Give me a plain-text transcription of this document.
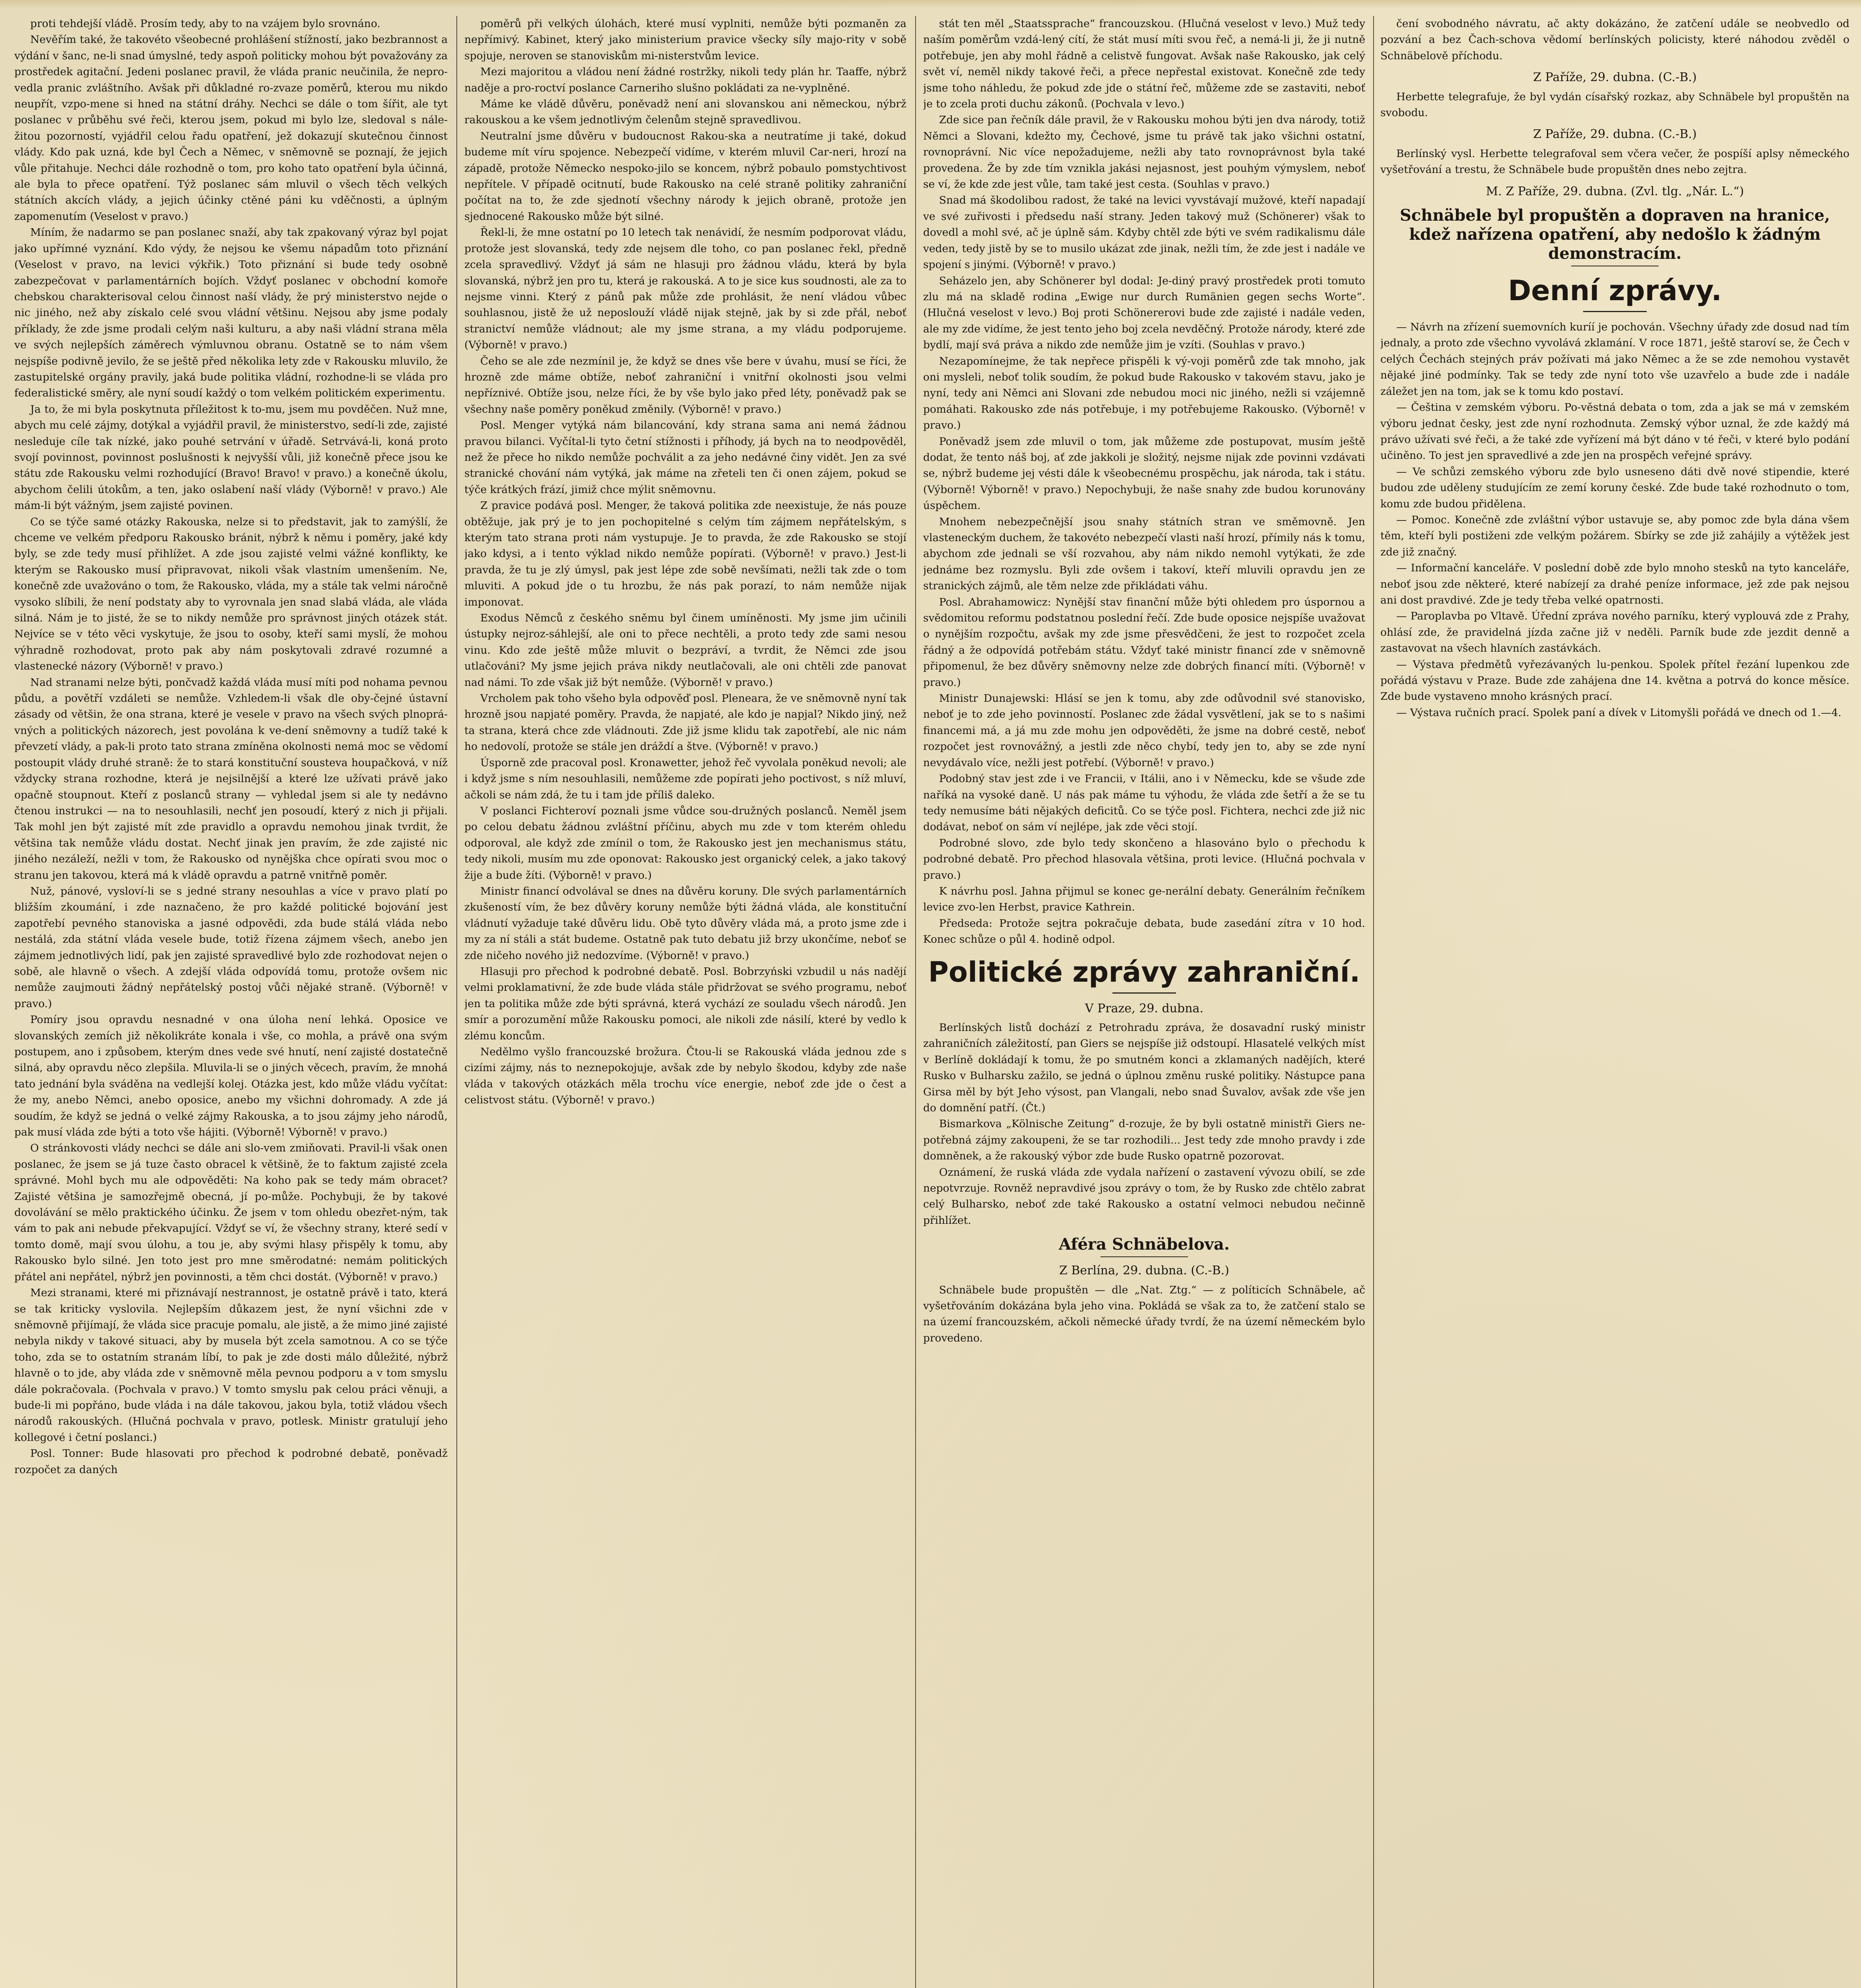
proti tehdejší vládě. Prosím tedy, aby to na vzájem bylo srovnáno.

Nevěřím také, že takovéto všeobecné prohlášení stížností, jako bezbrannost a výdání v šanc, ne-li snad úmyslné, tedy aspoň politicky mohou být považovány za prostředek agitační. Jedeni poslanec pravil, že vláda pranic neučinila, že nepro-vedla pranic zvláštního. Avšak při důkladné ro-zvaze poměrů, kterou mu nikdo neupřít, vzpo-mene si hned na státní dráhy. Nechci se dále o tom šířit, ale tyt poslanec v průběhu své řeči, kterou jsem, pokud mi bylo lze, sledoval s nále-žitou pozorností, vyjádřil celou řadu opatření, jež dokazují skutečnou činnost vlády. Kdo pak uzná, kde byl Čech a Němec, v sněmovně se poznají, že jejich vůle přitahuje. Nechci dále rozhodně o tom, pro koho tato opatření byla účinná, ale byla to přece opatření. Týž poslanec sám mluvil o všech těch velkých státních akcích vlády, a jejich účinky ctěné páni ku vděčnosti, a úplným zapomenutím (Veselost v pravo.)

Míním, že nadarmo se pan poslanec snaží, aby tak zpakovaný výraz byl pojat jako upřímné vyznání. Kdo výdy, že nejsou ke všemu nápadům toto přiznání (Veselost v pravo, na levici výkřik.) Toto přiznání si bude tedy osobně zabezpečovat v parlamentárních bojích. Vždyť poslanec v obchodní komoře chebskou charakterisoval celou činnost naší vlády, že prý ministerstvo nejde o nic jiného, než aby získalo celé svou vládní většinu. Nejsou aby jsme podaly příklady, že zde jsme prodali celým naši kulturu, a aby naši vládní strana měla ve svých nejlepších záměrech výmluvnou obranu. Ostatně se to nám všem nejspíše podivně jevilo, že se ještě před několika lety zde v Rakousku mluvilo, že zastupitelské orgány pravily, jaká bude politika vládní, rozhodne-li se vláda pro federalistické směry, ale nyní soudí každý o tom velkém politickém experimentu.

Ja to, že mi byla poskytnuta příležitost k to-mu, jsem mu povděčen. Nuž mne, abych mu celé zájmy, dotýkal a vyjádřil pravil, že ministerstvo, sedí-li zde, zajisté nesleduje cíle tak nízké, jako pouhé setrvání v úřadě. Setrvává-li, koná proto svojí povinnost, povinnost poslušnosti k nejvyšší vůli, již konečně přece jsou ke státu zde Rakousku velmi rozhodující (Bravo! Bravo! v pravo.) a konečně úkolu, abychom čelili útokům, a ten, jako oslabení naší vlády (Výborně! v pravo.) Ale mám-li být vážným, jsem zajisté povinen.

Co se týče samé otázky Rakouska, nelze si to představit, jak to zamýšlí, že chceme ve velkém předporu Rakousko bránit, nýbrž k němu i poměry, jaké kdy byly, se zde tedy musí přihlížet. A zde jsou zajisté velmi vážné konflikty, ke kterým se Rakousko musí připravovat, nikoli však vlastním umenšením. Ne, konečně zde uvažováno o tom, že Rakousko, vláda, my a stále tak velmi náročně vysoko slíbili, že není podstaty aby to vyrovnala jen snad slabá vláda, ale vláda silná. Nám je to jisté, že se to nikdy nemůže pro správnost jiných otázek stát. Nejvíce se v této věci vyskytuje, že jsou to osoby, kteří sami myslí, že mohou výhradně rozhodovat, proto pak aby nám poskytovali zdravé rozumné a vlastenecké názory (Výborně! v pravo.)

Nad stranami nelze býti, pončvadž každá vláda musí míti pod nohama pevnou půdu, a povětří vzdáleti se nemůže. Vzhledem-li však dle oby-čejné ústavní zásady od většin, že ona strana, které je vesele v pravo na všech svých plnoprá-vných a politických názorech, jest povolána k ve-dení sněmovny a tudíž také k převzetí vlády, a pak-li proto tato strana zmíněna okolnosti nemá moc se vědomí postoupit vlády druhé straně: že to stará konstituční sousteva houpačková, v níž vždycky strana rozhodne, která je nejsilnější a které lze užívati právě jako opačně stoupnout. Kteří z poslanců strany — vyhledal jsem si ale ty nedávno čtenou instrukci — na to nesouhlasili, nechť jen posoudí, který z nich ji přijali. Tak mohl jen být zajisté mít zde pravidlo a opravdu nemohou jinak tvrdit, že většina tak nemůže vládu dostat. Nechť jinak jen pravím, že zde zajisté nic jiného nezáleží, nežli v tom, že Rakousko od nynějška chce opírati svou moc o stranu jen takovou, která má k vládě opravdu a patrně vnitřně poměr.

Nuž, pánové, vysloví-li se s jedné strany nesouhlas a více v pravo platí po bližším zkoumání, i zde naznačeno, že pro každé politické bojování jest zapotřebí pevného stanoviska a jasné odpovědi, zda bude stálá vláda nebo nestálá, zda státní vláda vesele bude, totiž řízena zájmem všech, anebo jen zájmem jednotlivých lidí, pak jen zajisté spravedlivé bylo zde rozhodovat nejen o sobě, ale hlavně o všech. A zdejší vláda odpovídá tomu, protože ovšem nic nemůže zaujmouti žádný nepřátelský postoj vůči nějaké straně. (Výborně! v pravo.)

Pomíry jsou opravdu nesnadné v ona úloha není lehká. Oposice ve slovanských zemích již několikráte konala i vše, co mohla, a právě ona svým postupem, ano i způsobem, kterým dnes vede své hnutí, není zajisté dostatečně silná, aby opravdu něco zlepšila. Mluvila-li se o jiných věcech, pravím, že mnohá tato jednání byla sváděna na vedlejší kolej. Otázka jest, kdo může vládu vyčítat: že my, anebo Němci, anebo oposice, anebo my všichni dohromady. A zde já soudím, že když se jedná o velké zájmy Rakouska, a to jsou zájmy jeho národů, pak musí vláda zde býti a toto vše hájiti. (Výborně! Výborně! v pravo.)

O stránkovosti vlády nechci se dále ani slo-vem zmiňovati. Pravil-li však onen poslanec, že jsem se já tuze často obracel k většině, že to faktum zajisté zcela správné. Mohl bych mu ale odpověděti: Na koho pak se tedy mám obracet? Zajisté většina je samozřejmě obecná, jí po-může. Pochybuji, že by takové dovolávání se mělo praktického účinku. Že jsem v tom ohledu obezřet-ným, tak vám to pak ani nebude překvapující. Vždyť se ví, že všechny strany, které sedí v tomto domě, mají svou úlohu, a tou je, aby svými hlasy přispěly k tomu, aby Rakousko bylo silné. Jen toto jest pro mne směrodatné: nemám politických přátel ani nepřátel, nýbrž jen povinnosti, a těm chci dostát. (Výborně! v pravo.)

Mezi stranami, které mi přiznávají nestrannost, je ostatně právě i tato, která se tak kriticky vyslovila. Nejlepším důkazem jest, že nyní všichni zde v sněmovně přijímají, že vláda sice pracuje pomalu, ale jistě, a že mimo jiné zajisté nebyla nikdy v takové situaci, aby by musela být zcela samotnou. A co se týče toho, zda se to ostatním stranám líbí, to pak je zde dosti málo důležité, nýbrž hlavně o to jde, aby vláda zde v sněmovně měla pevnou podporu a v tom smyslu dále pokračovala. (Pochvala v pravo.) V tomto smyslu pak celou práci věnuji, a bude-li mi popřáno, bude vláda i na dále takovou, jakou byla, totiž vládou všech národů rakouských. (Hlučná pochvala v pravo, potlesk. Ministr gratulují jeho kollegové i četní poslanci.)

Posl. Tonner: Bude hlasovati pro přechod k podrobné debatě, poněvadž rozpočet za daných

poměrů při velkých úlohách, které musí vyplniti, nemůže býti pozmaněn za nepřímivý. Kabinet, který jako ministerium pravice všecky síly majo-rity v sobě spojuje, neroven se stanoviskům mi-nisterstvům levice.

Mezi majoritou a vládou není žádné rostržky, nikoli tedy plán hr. Taaffe, nýbrž naděje a pro-roctví poslance Carneriho slušno pokládati za ne-vyplněné.

Máme ke vládě důvěru, poněvadž není ani slovanskou ani německou, nýbrž rakouskou a ke všem jednotlivým čelenům stejně spravedlivou.

Neutralní jsme důvěru v budoucnost Rakou-ska a neutratíme ji také, dokud budeme mít víru spojence. Nebezpečí vidíme, v kterém mluvil Car-neri, hrozí na západě, protože Německo nespoko-jilo se koncem, nýbrž pobaulo pomstychtivost nepřítele. V případě ocitnutí, bude Rakousko na celé straně politiky zahraniční počítat na to, že zde sjednotí všechny národy k jejich obraně, protože jen sjednocené Rakousko může být silné.

Řekl-li, že mne ostatní po 10 letech tak nenávidí, že nesmím podporovat vládu, protože jest slovanská, tedy zde nejsem dle toho, co pan poslanec řekl, předně zcela spravedlivý. Vždyť já sám ne hlasuji pro žádnou vládu, která by byla slovanská, nýbrž jen pro tu, která je rakouská. A to je sice kus soudnosti, ale za to nejsme vinni. Který z pánů pak může zde prohlásit, že není vládou vůbec souhlasnou, jistě že už neposlouží vládě nijak stejně, jak by si zde přál, neboť stranictví nemůže vládnout; ale my jsme strana, a my vládu podporujeme. (Výborně! v pravo.)

Čeho se ale zde nezmínil je, že když se dnes vše bere v úvahu, musí se říci, že hrozně zde máme obtíže, neboť zahraniční i vnitřní okolnosti jsou velmi nepříznivé. Obtíže jsou, nelze říci, že by vše bylo jako před léty, poněvadž pak se všechny naše poměry poněkud změnily. (Výborně! v pravo.)

Posl. Menger vytýká nám bilancování, kdy strana sama ani nemá žádnou pravou bilanci. Vyčítal-li tyto četní stížnosti i příhody, já bych na to neodpověděl, než že přece ho nikdo nemůže pochválit a za jeho nedávné činy vidět. Jen za své stranické chování nám vytýká, jak máme na zřeteli ten či onen zájem, pokud se týče krátkých frází, jimiž chce mýlit sněmovnu.

Z pravice podává posl. Menger, že taková politika zde neexistuje, že nás pouze obtěžuje, jak prý je to jen pochopitelné s celým tím zájmem nepřátelským, s kterým tato strana proti nám vystupuje. Je to pravda, že zde Rakousko se stojí jako kdysi, a i tento výklad nikdo nemůže popírati. (Výborně! v pravo.) Jest-li pravda, že tu je zlý úmysl, pak jest lépe zde sobě nevšímati, nežli tak zde o tom mluviti. A pokud jde o tu hrozbu, že nás pak porazí, to nám nemůže nijak imponovat.

Exodus Němců z českého sněmu byl činem umíněnosti. My jsme jim učinili ústupky nejroz-sáhlejší, ale oni to přece nechtěli, a proto tedy zde sami nesou vinu. Kdo zde ještě může mluvit o bezpráví, a tvrdit, že Němci zde jsou utlačováni? My jsme jejich práva nikdy neutlačovali, ale oni chtěli zde panovat nad námi. To zde však již být nemůže. (Výborně! v pravo.)

Vrcholem pak toho všeho byla odpověď posl. Pleneara, že ve sněmovně nyní tak hrozně jsou napjaté poměry. Pravda, že napjaté, ale kdo je napjal? Nikdo jiný, než ta strana, která chce zde vládnouti. Zde již jsme klidu tak zapotřebí, ale nic nám ho nedovolí, protože se stále jen dráždí a štve. (Výborně! v pravo.)

Úsporně zde pracoval posl. Kronawetter, jehož řeč vyvolala poněkud nevoli; ale i když jsme s ním nesouhlasili, nemůžeme zde popírati jeho poctivost, s níž mluví, ačkoli se nám zdá, že tu i tam jde příliš daleko.

V poslanci Fichteroví poznali jsme vůdce sou-družných poslanců. Neměl jsem po celou debatu žádnou zvláštní příčinu, abych mu zde v tom kterém ohledu odporoval, ale když zde zmínil o tom, že Rakousko jest jen mechanismus státu, tedy nikoli, musím mu zde oponovat: Rakousko jest organický celek, a jako takový žije a bude žíti. (Výborně! v pravo.)

Ministr financí odvolával se dnes na důvěru koruny. Dle svých parlamentárních zkušeností vím, že bez důvěry koruny nemůže býti žádná vláda, ale konstituční vládnutí vyžaduje také důvěru lidu. Obě tyto důvěry vláda má, a proto jsme zde i my za ní stáli a stát budeme. Ostatně pak tuto debatu již brzy ukončíme, neboť se zde ničeho nového již nedozvíme. (Výborně! v pravo.)

Hlasuji pro přechod k podrobné debatě. Posl. Bobrzyński vzbudil u nás nadějí velmi proklamativní, že zde bude vláda stále přidržovat se svého programu, neboť jen ta politika může zde býti správná, která vychází ze souladu všech národů. Jen smír a porozumění může Rakousku pomoci, ale nikoli zde násilí, které by vedlo k zlému koncům.

Nedělmo vyšlo francouzské brožura. Čtou-li se Rakouská vláda jednou zde s cizími zájmy, nás to neznepokojuje, avšak zde by nebylo škodou, kdyby zde naše vláda v takových otázkách měla trochu více energie, neboť zde jde o čest a celistvost státu. (Výborně! v pravo.)

stát ten měl „Staatssprache“ francouzskou. (Hlučná veselost v levo.) Muž tedy naším poměrům vzdá-lený cítí, že stát musí míti svou řeč, a nemá-li ji, že ji nutně potřebuje, jen aby mohl řádně a celistvě fungovat. Avšak naše Rakousko, jak celý svět ví, neměl nikdy takové řeči, a přece nepřestal existovat. Konečně zde tedy jsme toho náhledu, že pokud zde jde o státní řeč, můžeme zde se zastaviti, neboť je to zcela proti duchu zákonů. (Pochvala v levo.)

Zde sice pan řečník dále pravil, že v Rakousku mohou býti jen dva národy, totiž Němci a Slovani, kdežto my, Čechové, jsme tu právě tak jako všichni ostatní, rovnoprávní. Nic více nepožadujeme, nežli aby tato rovnoprávnost byla také provedena. Že by zde tím vznikla jakási nejasnost, jest pouhým výmyslem, neboť se ví, že kde zde jest vůle, tam také jest cesta. (Souhlas v pravo.)

Snad má škodolibou radost, že také na levici vyvstávají mužové, kteří napadají ve své zuřivosti i předsedu naší strany. Jeden takový muž (Schönerer) však to dovedl a mohl své, ač je úplně sám. Kdyby chtěl zde býti ve svém radikalismu dále veden, tedy jistě by se to musilo ukázat zde jinak, nežli tím, že zde jest i nadále ve spojení s jinými. (Výborně! v pravo.)

Seházelo jen, aby Schönerer byl dodal: Je-diný pravý prostředek proti tomuto zlu má na skladě rodina „Ewige nur durch Rumänien gegen sechs Worte“. (Hlučná veselost v levo.) Boj proti Schönererovi bude zde zajisté i nadále veden, ale my zde vidíme, že jest tento jeho boj zcela nevděčný. Protože národy, které zde bydlí, mají svá práva a nikdo zde nemůže jim je vzíti. (Souhlas v pravo.)

Nezapomínejme, že tak nepřece přispěli k vý-voji poměrů zde tak mnoho, jak oni mysleli, neboť tolik soudím, že pokud bude Rakousko v takovém stavu, jako je nyní, tedy ani Němci ani Slovani zde nebudou moci nic jiného, nežli si vzájemně pomáhati. Rakousko zde nás potřebuje, i my potřebujeme Rakousko. (Výborně! v pravo.)

Poněvadž jsem zde mluvil o tom, jak můžeme zde postupovat, musím ještě dodat, že tento náš boj, ať zde jakkoli je složitý, nejsme nijak zde povinni vzdávati se, nýbrž budeme jej vésti dále k všeobecnému prospěchu, jak národa, tak i státu. (Výborně! Výborně! v pravo.) Nepochybuji, že naše snahy zde budou korunovány úspěchem.

Mnohem nebezpečnější jsou snahy státních stran ve směmovně. Jen vlasteneckým duchem, že takovéto nebezpečí vlasti naší hrozí, přímily nás k tomu, abychom zde jednali se vší rozvahou, aby nám nikdo nemohl vytýkati, že zde jednáme bez rozmyslu. Byli zde ovšem i takoví, kteří mluvili opravdu jen ze stranických zájmů, ale těm nelze zde přikládati váhu.

Posl. Abrahamowicz: Nynější stav finanční může býti ohledem pro úspornou a svědomitou reformu podstatnou poslední řečí. Zde bude oposice nejspíše uvažovat o nynějším rozpočtu, avšak my zde jsme přesvědčeni, že jest to rozpočet zcela řádný a že odpovídá potřebám státu. Vždyť také ministr financí zde v sněmovně připomenul, že bez důvěry sněmovny nelze zde dobrých financí míti. (Výborně! v pravo.)

Ministr Dunajewski: Hlásí se jen k tomu, aby zde odůvodnil své stanovisko, neboť je to zde jeho povinností. Poslanec zde žádal vysvětlení, jak se to s našimi financemi má, a já mu zde mohu jen odpověděti, že jsme na dobré cestě, neboť rozpočet jest rovnovážný, a jestli zde něco chybí, tedy jen to, aby se zde nyní nevydávalo více, nežli jest potřebí. (Výborně! v pravo.)

Podobný stav jest zde i ve Francii, v Itálii, ano i v Německu, kde se všude zde naříká na vysoké daně. U nás pak máme tu výhodu, že vláda zde šetří a že se tu tedy nemusíme báti nějakých deficitů. Co se týče posl. Fichtera, nechci zde již nic dodávat, neboť on sám ví nejlépe, jak zde věci stojí.

Podrobné slovo, zde bylo tedy skončeno a hlasováno bylo o přechodu k podrobné debatě. Pro přechod hlasovala většina, proti levice. (Hlučná pochvala v pravo.)

K návrhu posl. Jahna přijmul se konec ge-nerální debaty. Generálním řečníkem levice zvo-len Herbst, pravice Kathrein.

Předseda: Protože sejtra pokračuje debata, bude zasedání zítra v 10 hod. Konec schůze o půl 4. hodině odpol.

Politické zprávy zahraniční.

V Praze, 29. dubna.

Berlínských listů dochází z Petrohradu zpráva, že dosavadní ruský ministr zahraničních záležitostí, pan Giers se nejspíše již odstoupí. Hlasatelé velkých míst v Berlíně dokládají k tomu, že po smutném konci a zklamaných nadějích, které Rusko v Bulharsku zažilo, se jedná o úplnou změnu ruské politiky. Nástupce pana Girsa měl by být Jeho výsost, pan Vlangali, nebo snad Šuvalov, avšak zde vše jen do domnění patří. (Čt.)

Bismarkova „Kölnische Zeitung“ d-rozuje, že by byli ostatně ministři Giers ne-potřebná zájmy zakoupeni, že se tar rozhodili... Jest tedy zde mnoho pravdy i zde domněnek, a že rakouský výbor zde bude Rusko opatrně pozorovat.

Oznámení, že ruská vláda zde vydala nařízení o zastavení vývozu obilí, se zde nepotvrzuje. Rovněž nepravdivé jsou zprávy o tom, že by Rusko zde chtělo zabrat celý Bulharsko, neboť zde také Rakousko a ostatní velmoci nebudou nečinně přihlížet.

Aféra Schnäbelova.

Z Berlína, 29. dubna. (C.-B.)

Schnäbele bude propuštěn — dle „Nat. Ztg.“ — z políticích Schnäbele, ač vyšetřováním dokázána byla jeho vina. Pokládá se však za to, že zatčení stalo se na území francouzském, ačkoli německé úřady tvrdí, že na území německém bylo provedeno.

čení svobodného návratu, ač akty dokázáno, že zatčení udále se neobvedlo od pozvání a bez Čach-schova vědomí berlínských policisty, které náhodou zvěděl o Schnäbelově příchodu.

Z Paříže, 29. dubna. (C.-B.)

Herbette telegrafuje, že byl vydán císařský rozkaz, aby Schnäbele byl propuštěn na svobodu.

Z Paříže, 29. dubna. (C.-B.)

Berlínský vysl. Herbette telegrafoval sem včera večer, že pospíší aplsy německého vyšetřování a trestu, že Schnäbele bude propuštěn dnes nebo zejtra.

M. Z Paříže, 29. dubna. (Zvl. tlg. „Nár. L.“)

Schnäbele byl propuštěn a dopraven na hranice, kdež nařízena opatření, aby nedošlo k žádným demonstracím.
Denní zprávy.

— Návrh na zřízení suemovních kuríí je pochován. Všechny úřady zde dosud nad tím jednaly, a proto zde všechno vyvolává zklamání. V roce 1871, ještě staroví se, že Čech v celých Čechách stejných práv požívati má jako Němec a že se zde nemohou vystavět nějaké jiné podmínky. Tak se tedy zde nyní toto vše uzavřelo a bude zde i nadále záležet jen na tom, jak se k tomu kdo postaví.

— Čeština v zemském výboru. Po-věstná debata o tom, zda a jak se má v zemském výboru jednat česky, jest zde nyní rozhodnuta. Zemský výbor uznal, že zde každý má právo užívati své řeči, a že také zde vyřízení má být dáno v té řeči, v které bylo podání učiněno. To jest jen spravedlivé a zde jen na prospěch veřejné správy.

— Ve schůzi zemského výboru zde bylo usneseno dáti dvě nové stipendie, které budou zde uděleny studujícím ze zemí koruny české. Zde bude také rozhodnuto o tom, komu zde budou přidělena.

— Pomoc. Konečně zde zvláštní výbor ustavuje se, aby pomoc zde byla dána všem těm, kteří byli postiženi zde velkým požárem. Sbírky se zde již zahájily a výtěžek jest zde již značný.

— Informační kanceláře. V poslední době zde bylo mnoho stesků na tyto kanceláře, neboť jsou zde některé, které nabízejí za drahé peníze informace, jež zde pak nejsou ani dost pravdivé. Zde je tedy třeba velké opatrnosti.

— Paroplavba po Vltavě. Úřední zpráva nového parníku, který vyplouvá zde z Prahy, ohlásí zde, že pravidelná jízda začne již v neděli. Parník bude zde jezdit denně a zastavovat na všech hlavních zastávkách.

— Výstava předmětů vyřezávaných lu-penkou. Spolek přítel řezání lupenkou zde pořádá výstavu v Praze. Bude zde zahájena dne 14. května a potrvá do konce měsíce. Zde bude vystaveno mnoho krásných prací.

— Výstava ručních prací. Spolek paní a dívek v Litomyšli pořádá ve dnech od 1.—4.
